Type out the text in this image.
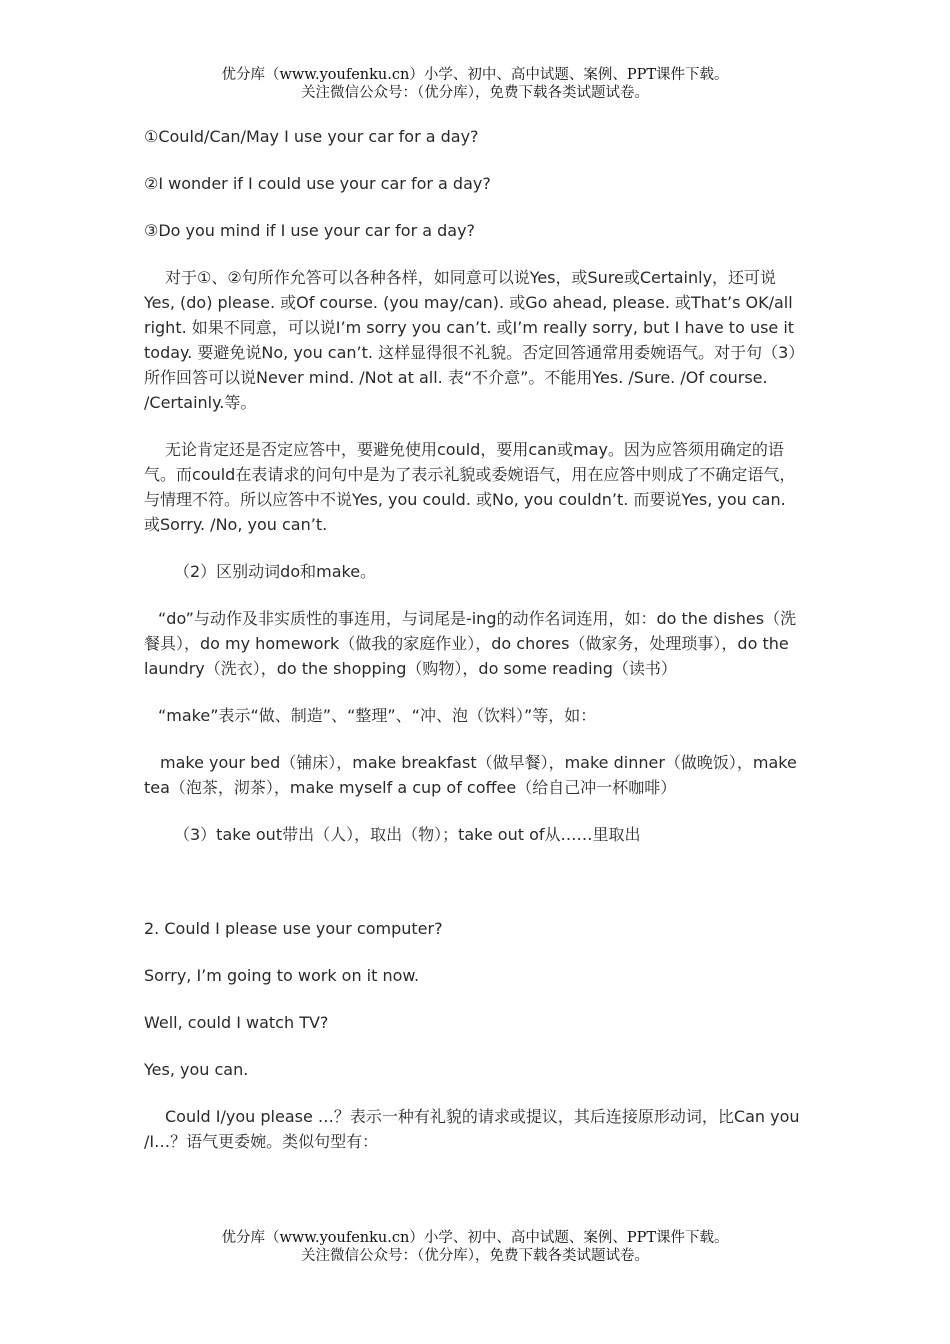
优分库（www.youfenku.cn）小学、初中、高中试题、案例、PPT课件下载。
关注微信公众号：（优分库），免费下载各类试题试卷。

①Could/Can/May I use your car for a day?

②I wonder if I could use your car for a day?

③Do you mind if I use your car for a day?

对于①、②句所作允答可以各种各样，如同意可以说Yes，或Sure或Certainly，还可说Yes, (do) please. 或Of course. (you may/can). 或Go ahead, please. 或That’s OK/all right. 如果不同意，可以说I’m sorry you can’t. 或I’m really sorry, but I have to use it today. 要避免说No, you can’t. 这样显得很不礼貌。否定回答通常用委婉语气。对于句（3）所作回答可以说Never mind. /Not at all. 表“不介意”。不能用Yes. /Sure. /Of course. /Certainly.等。

无论肯定还是否定应答中，要避免使用could，要用can或may。因为应答须用确定的语气。而could在表请求的问句中是为了表示礼貌或委婉语气，用在应答中则成了不确定语气，与情理不符。所以应答中不说Yes, you could. 或No, you couldn’t. 而要说Yes, you can. 或Sorry. /No, you can’t.

（2）区别动词do和make。

“do”与动作及非实质性的事连用，与词尾是-ing的动作名词连用，如：do the dishes（洗餐具），do my homework（做我的家庭作业），do chores（做家务，处理琐事），do the laundry（洗衣），do the shopping（购物），do some reading（读书）

“make”表示“做、制造”、“整理”、“冲、泡（饮料）”等，如：

make your bed（铺床），make breakfast（做早餐），make dinner（做晚饭），make tea（泡茶，沏茶），make myself a cup of coffee（给自己冲一杯咖啡）

（3）take out带出（人），取出（物）；take out of从……里取出

2. Could I please use your computer?

Sorry, I’m going to work on it now.

Well, could I watch TV?

Yes, you can.

Could I/you please …？表示一种有礼貌的请求或提议，其后连接原形动词，比Can you /I…？语气更委婉。类似句型有：

优分库（www.youfenku.cn）小学、初中、高中试题、案例、PPT课件下载。
关注微信公众号：（优分库），免费下载各类试题试卷。
